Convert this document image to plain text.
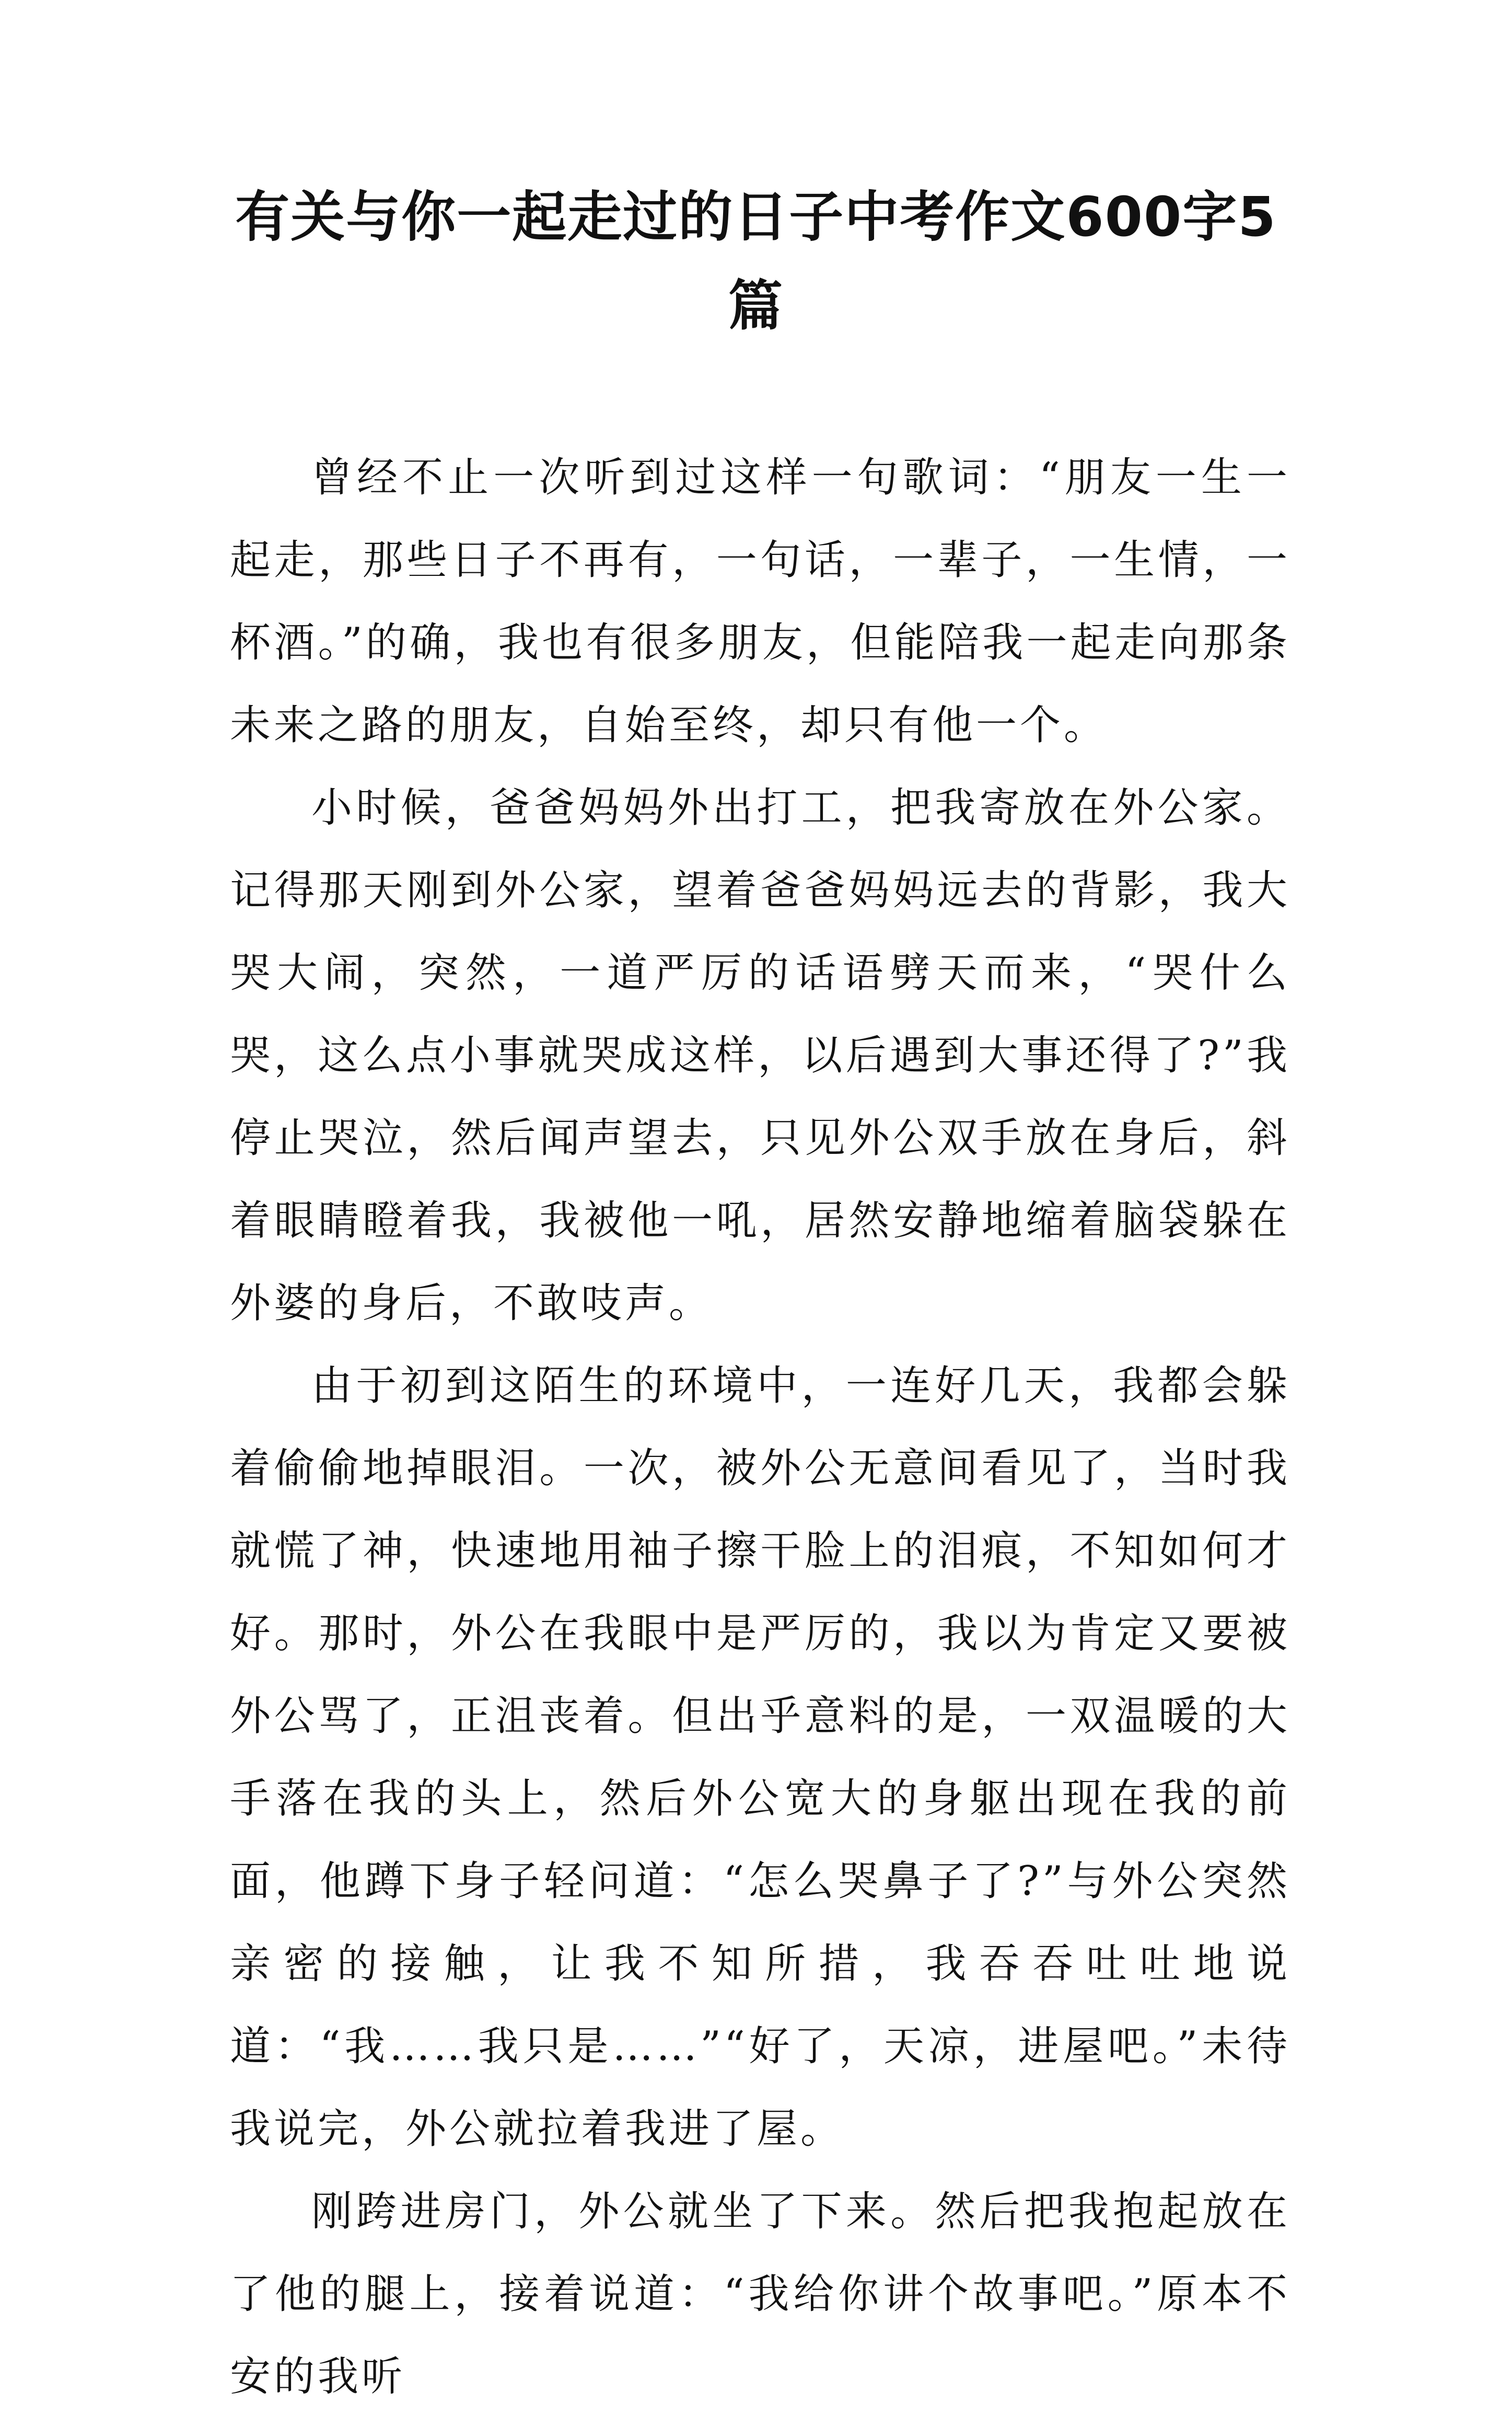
有关与你一起走过的日子中考作文600字5篇

曾经不止一次听到过这样一句歌词：“朋友一生一起走，那些日子不再有，一句话，一辈子，一生情，一杯酒。”的确，我也有很多朋友，但能陪我一起走向那条未来之路的朋友，自始至终，却只有他一个。

小时候，爸爸妈妈外出打工，把我寄放在外公家。记得那天刚到外公家，望着爸爸妈妈远去的背影，我大哭大闹，突然，一道严厉的话语劈天而来，“哭什么哭，这么点小事就哭成这样，以后遇到大事还得了?”我停止哭泣，然后闻声望去，只见外公双手放在身后，斜着眼睛瞪着我，我被他一吼，居然安静地缩着脑袋躲在外婆的身后，不敢吱声。

由于初到这陌生的环境中，一连好几天，我都会躲着偷偷地掉眼泪。一次，被外公无意间看见了，当时我就慌了神，快速地用袖子擦干脸上的泪痕，不知如何才好。那时，外公在我眼中是严厉的，我以为肯定又要被外公骂了，正沮丧着。但出乎意料的是，一双温暖的大手落在我的头上，然后外公宽大的身躯出现在我的前面，他蹲下身子轻问道：“怎么哭鼻子了?”与外公突然亲密的接触，让我不知所措，我吞吞吐吐地说道：“我……我只是……”“好了，天凉，进屋吧。”未待我说完，外公就拉着我进了屋。

刚跨进房门，外公就坐了下来。然后把我抱起放在了他的腿上，接着说道：“我给你讲个故事吧。”原本不安的我听
